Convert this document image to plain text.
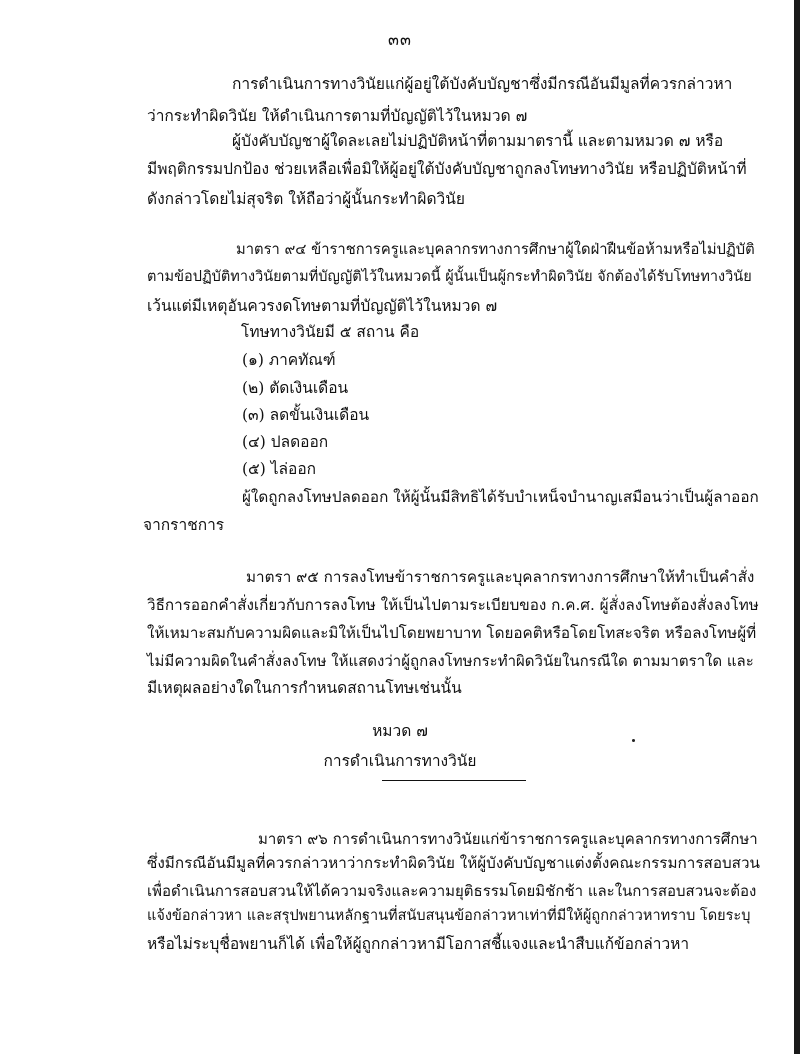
๓๓
การดำเนินการทางวินัยแก่ผู้อยู่ใต้บังคับบัญชาซึ่งมีกรณีอันมีมูลที่ควรกล่าวหา
ว่ากระทำผิดวินัย ให้ดำเนินการตามที่บัญญัติไว้ในหมวด ๗
ผู้บังคับบัญชาผู้ใดละเลยไม่ปฏิบัติหน้าที่ตามมาตรานี้ และตามหมวด ๗ หรือ
มีพฤติกรรมปกป้อง ช่วยเหลือเพื่อมิให้ผู้อยู่ใต้บังคับบัญชาถูกลงโทษทางวินัย หรือปฏิบัติหน้าที่
ดังกล่าวโดยไม่สุจริต ให้ถือว่าผู้นั้นกระทำผิดวินัย
มาตรา ๙๔ ข้าราชการครูและบุคลากรทางการศึกษาผู้ใดฝ่าฝืนข้อห้ามหรือไม่ปฏิบัติ
ตามข้อปฏิบัติทางวินัยตามที่บัญญัติไว้ในหมวดนี้ ผู้นั้นเป็นผู้กระทำผิดวินัย จักต้องได้รับโทษทางวินัย
เว้นแต่มีเหตุอันควรงดโทษตามที่บัญญัติไว้ในหมวด ๗
โทษทางวินัยมี ๕ สถาน คือ
(๑) ภาคทัณฑ์
(๒) ตัดเงินเดือน
(๓) ลดขั้นเงินเดือน
(๔) ปลดออก
(๕) ไล่ออก
ผู้ใดถูกลงโทษปลดออก ให้ผู้นั้นมีสิทธิได้รับบำเหน็จบำนาญเสมือนว่าเป็นผู้ลาออก
จากราชการ
มาตรา ๙๕ การลงโทษข้าราชการครูและบุคลากรทางการศึกษาให้ทำเป็นคำสั่ง
วิธีการออกคำสั่งเกี่ยวกับการลงโทษ ให้เป็นไปตามระเบียบของ ก.ค.ศ. ผู้สั่งลงโทษต้องสั่งลงโทษ
ให้เหมาะสมกับความผิดและมิให้เป็นไปโดยพยาบาท โดยอคติหรือโดยโทสะจริต หรือลงโทษผู้ที่
ไม่มีความผิดในคำสั่งลงโทษ ให้แสดงว่าผู้ถูกลงโทษกระทำผิดวินัยในกรณีใด ตามมาตราใด และ
มีเหตุผลอย่างใดในการกำหนดสถานโทษเช่นนั้น
หมวด ๗
การดำเนินการทางวินัย
มาตรา ๙๖ การดำเนินการทางวินัยแก่ข้าราชการครูและบุคลากรทางการศึกษา
ซึ่งมีกรณีอันมีมูลที่ควรกล่าวหาว่ากระทำผิดวินัย ให้ผู้บังคับบัญชาแต่งตั้งคณะกรรมการสอบสวน
เพื่อดำเนินการสอบสวนให้ได้ความจริงและความยุติธรรมโดยมิชักช้า และในการสอบสวนจะต้อง
แจ้งข้อกล่าวหา และสรุปพยานหลักฐานที่สนับสนุนข้อกล่าวหาเท่าที่มีให้ผู้ถูกกล่าวหาทราบ โดยระบุ
หรือไม่ระบุชื่อพยานก็ได้ เพื่อให้ผู้ถูกกล่าวหามีโอกาสชี้แจงและนำสืบแก้ข้อกล่าวหา
